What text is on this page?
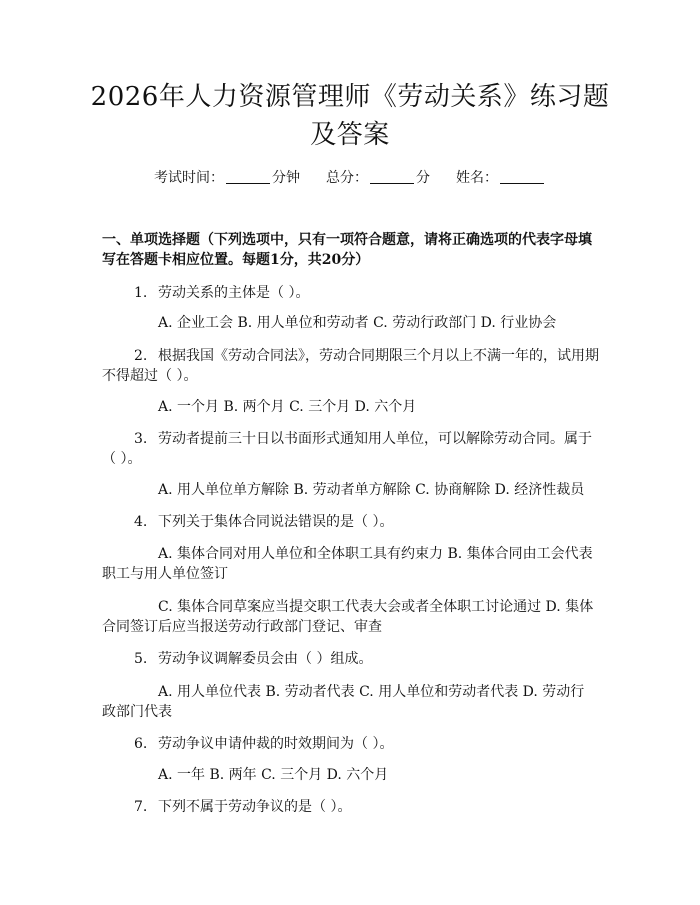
2026年人力资源管理师《劳动关系》练习题
及答案
考试时间：	分钟 总分：	分 姓名：

一、单项选择题（下列选项中，只有一项符合题意，请将正确选项的代表字母填

写在答题卡相应位置。每题1分，共20分）

1. 劳动关系的主体是（ ）。

A. 企业工会 B. 用人单位和劳动者 C. 劳动行政部门 D. 行业协会

2. 根据我国《劳动合同法》，劳动合同期限三个月以上不满一年的，试用期

不得超过（ ）。

A. 一个月 B. 两个月 C. 三个月 D. 六个月

3. 劳动者提前三十日以书面形式通知用人单位，可以解除劳动合同。属于

（ ）。

A. 用人单位单方解除 B. 劳动者单方解除 C. 协商解除 D. 经济性裁员

4. 下列关于集体合同说法错误的是（ ）。

A. 集体合同对用人单位和全体职工具有约束力 B. 集体合同由工会代表

职工与用人单位签订

C. 集体合同草案应当提交职工代表大会或者全体职工讨论通过 D. 集体

合同签订后应当报送劳动行政部门登记、审查

5. 劳动争议调解委员会由（ ）组成。

A. 用人单位代表 B. 劳动者代表 C. 用人单位和劳动者代表 D. 劳动行

政部门代表

6. 劳动争议申请仲裁的时效期间为（ ）。

A. 一年 B. 两年 C. 三个月 D. 六个月

7. 下列不属于劳动争议的是（ ）。
